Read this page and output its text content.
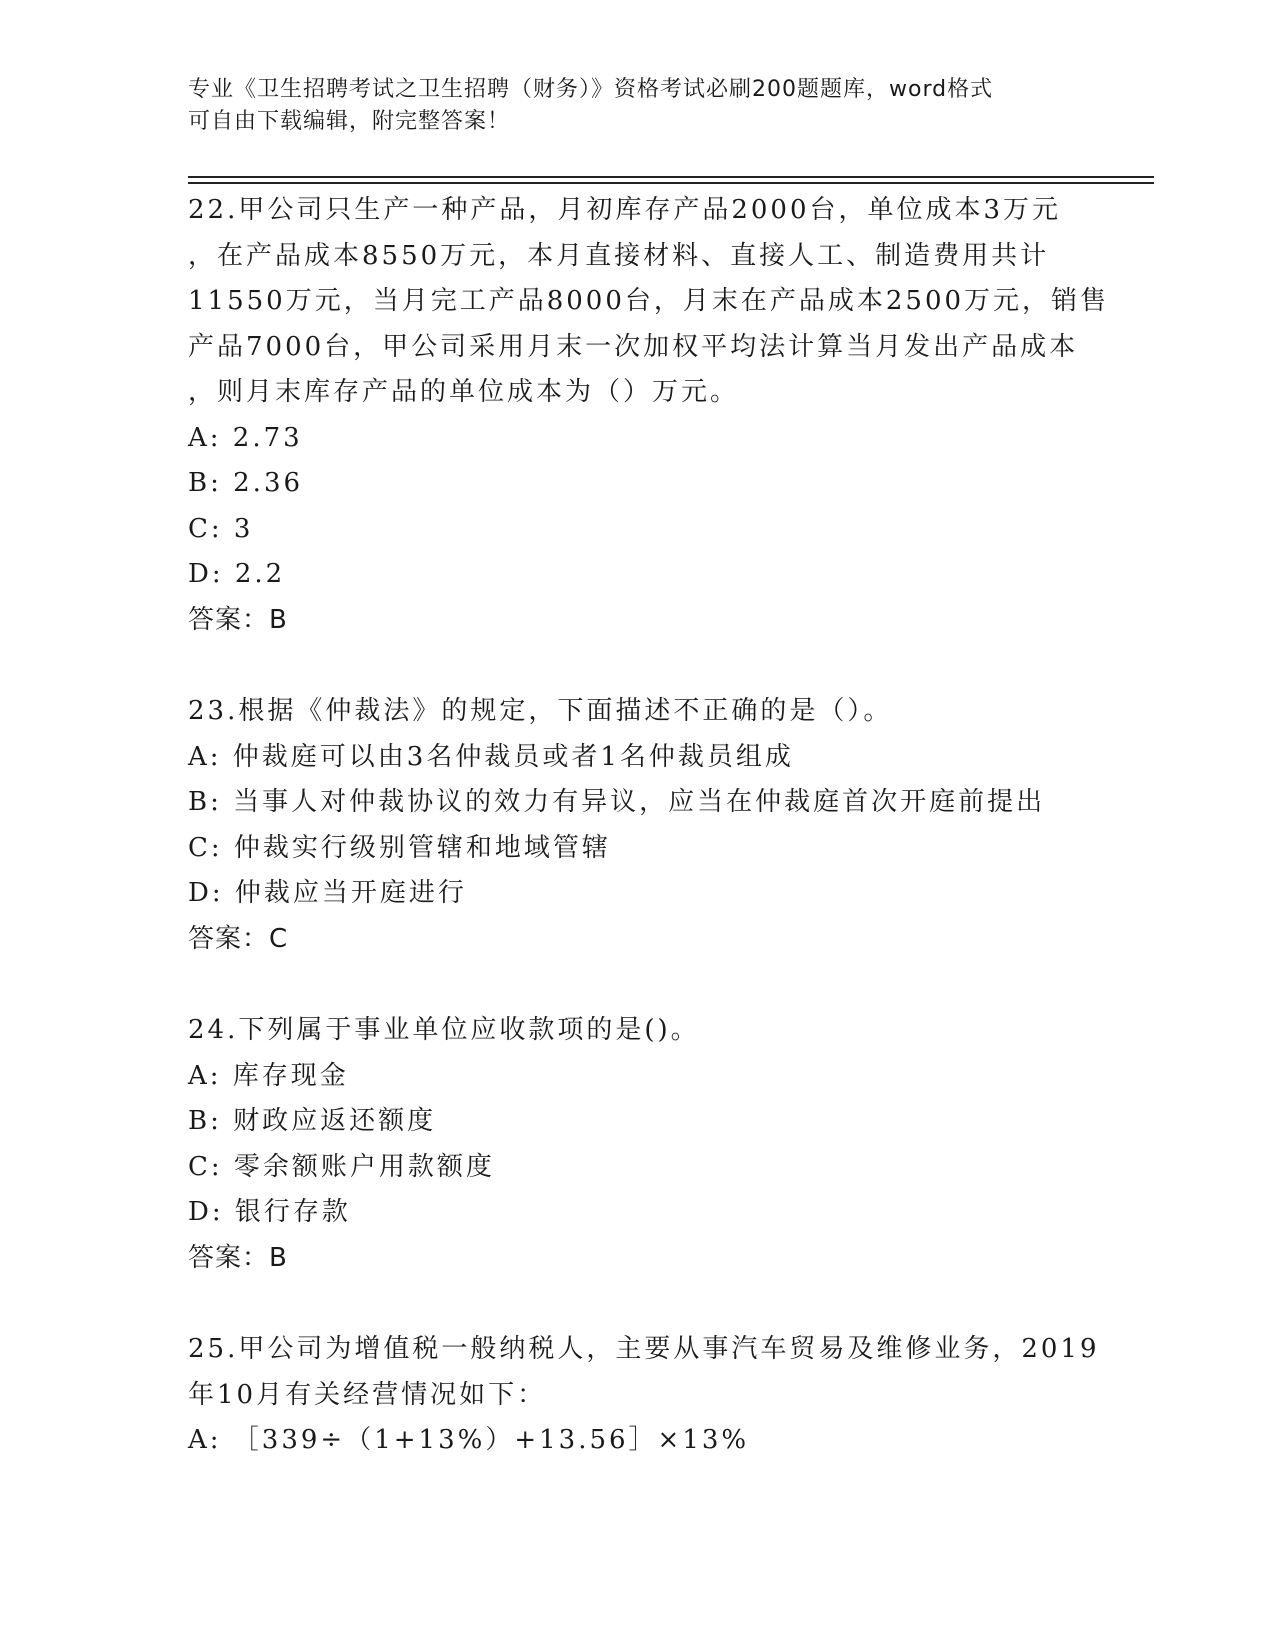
专业《卫生招聘考试之卫生招聘（财务）》资格考试必刷200题题库，word格式
可自由下载编辑，附完整答案！
22.甲公司只生产一种产品，月初库存产品2000台，单位成本3万元
，在产品成本8550万元，本月直接材料、直接人工、制造费用共计
11550万元，当月完工产品8000台，月末在产品成本2500万元，销售
产品7000台，甲公司采用月末一次加权平均法计算当月发出产品成本
，则月末库存产品的单位成本为（）万元。
A: 2.73
B: 2.36
C: 3
D: 2.2
答案：B
23.根据《仲裁法》的规定，下面描述不正确的是（）。
A: 仲裁庭可以由3名仲裁员或者1名仲裁员组成
B: 当事人对仲裁协议的效力有异议，应当在仲裁庭首次开庭前提出
C: 仲裁实行级别管辖和地域管辖
D: 仲裁应当开庭进行
答案：C
24.下列属于事业单位应收款项的是()。
A: 库存现金
B: 财政应返还额度
C: 零余额账户用款额度
D: 银行存款
答案：B
25.甲公司为增值税一般纳税人，主要从事汽车贸易及维修业务，2019
年10月有关经营情况如下：
A: ［339÷（1+13%）+13.56］×13%
